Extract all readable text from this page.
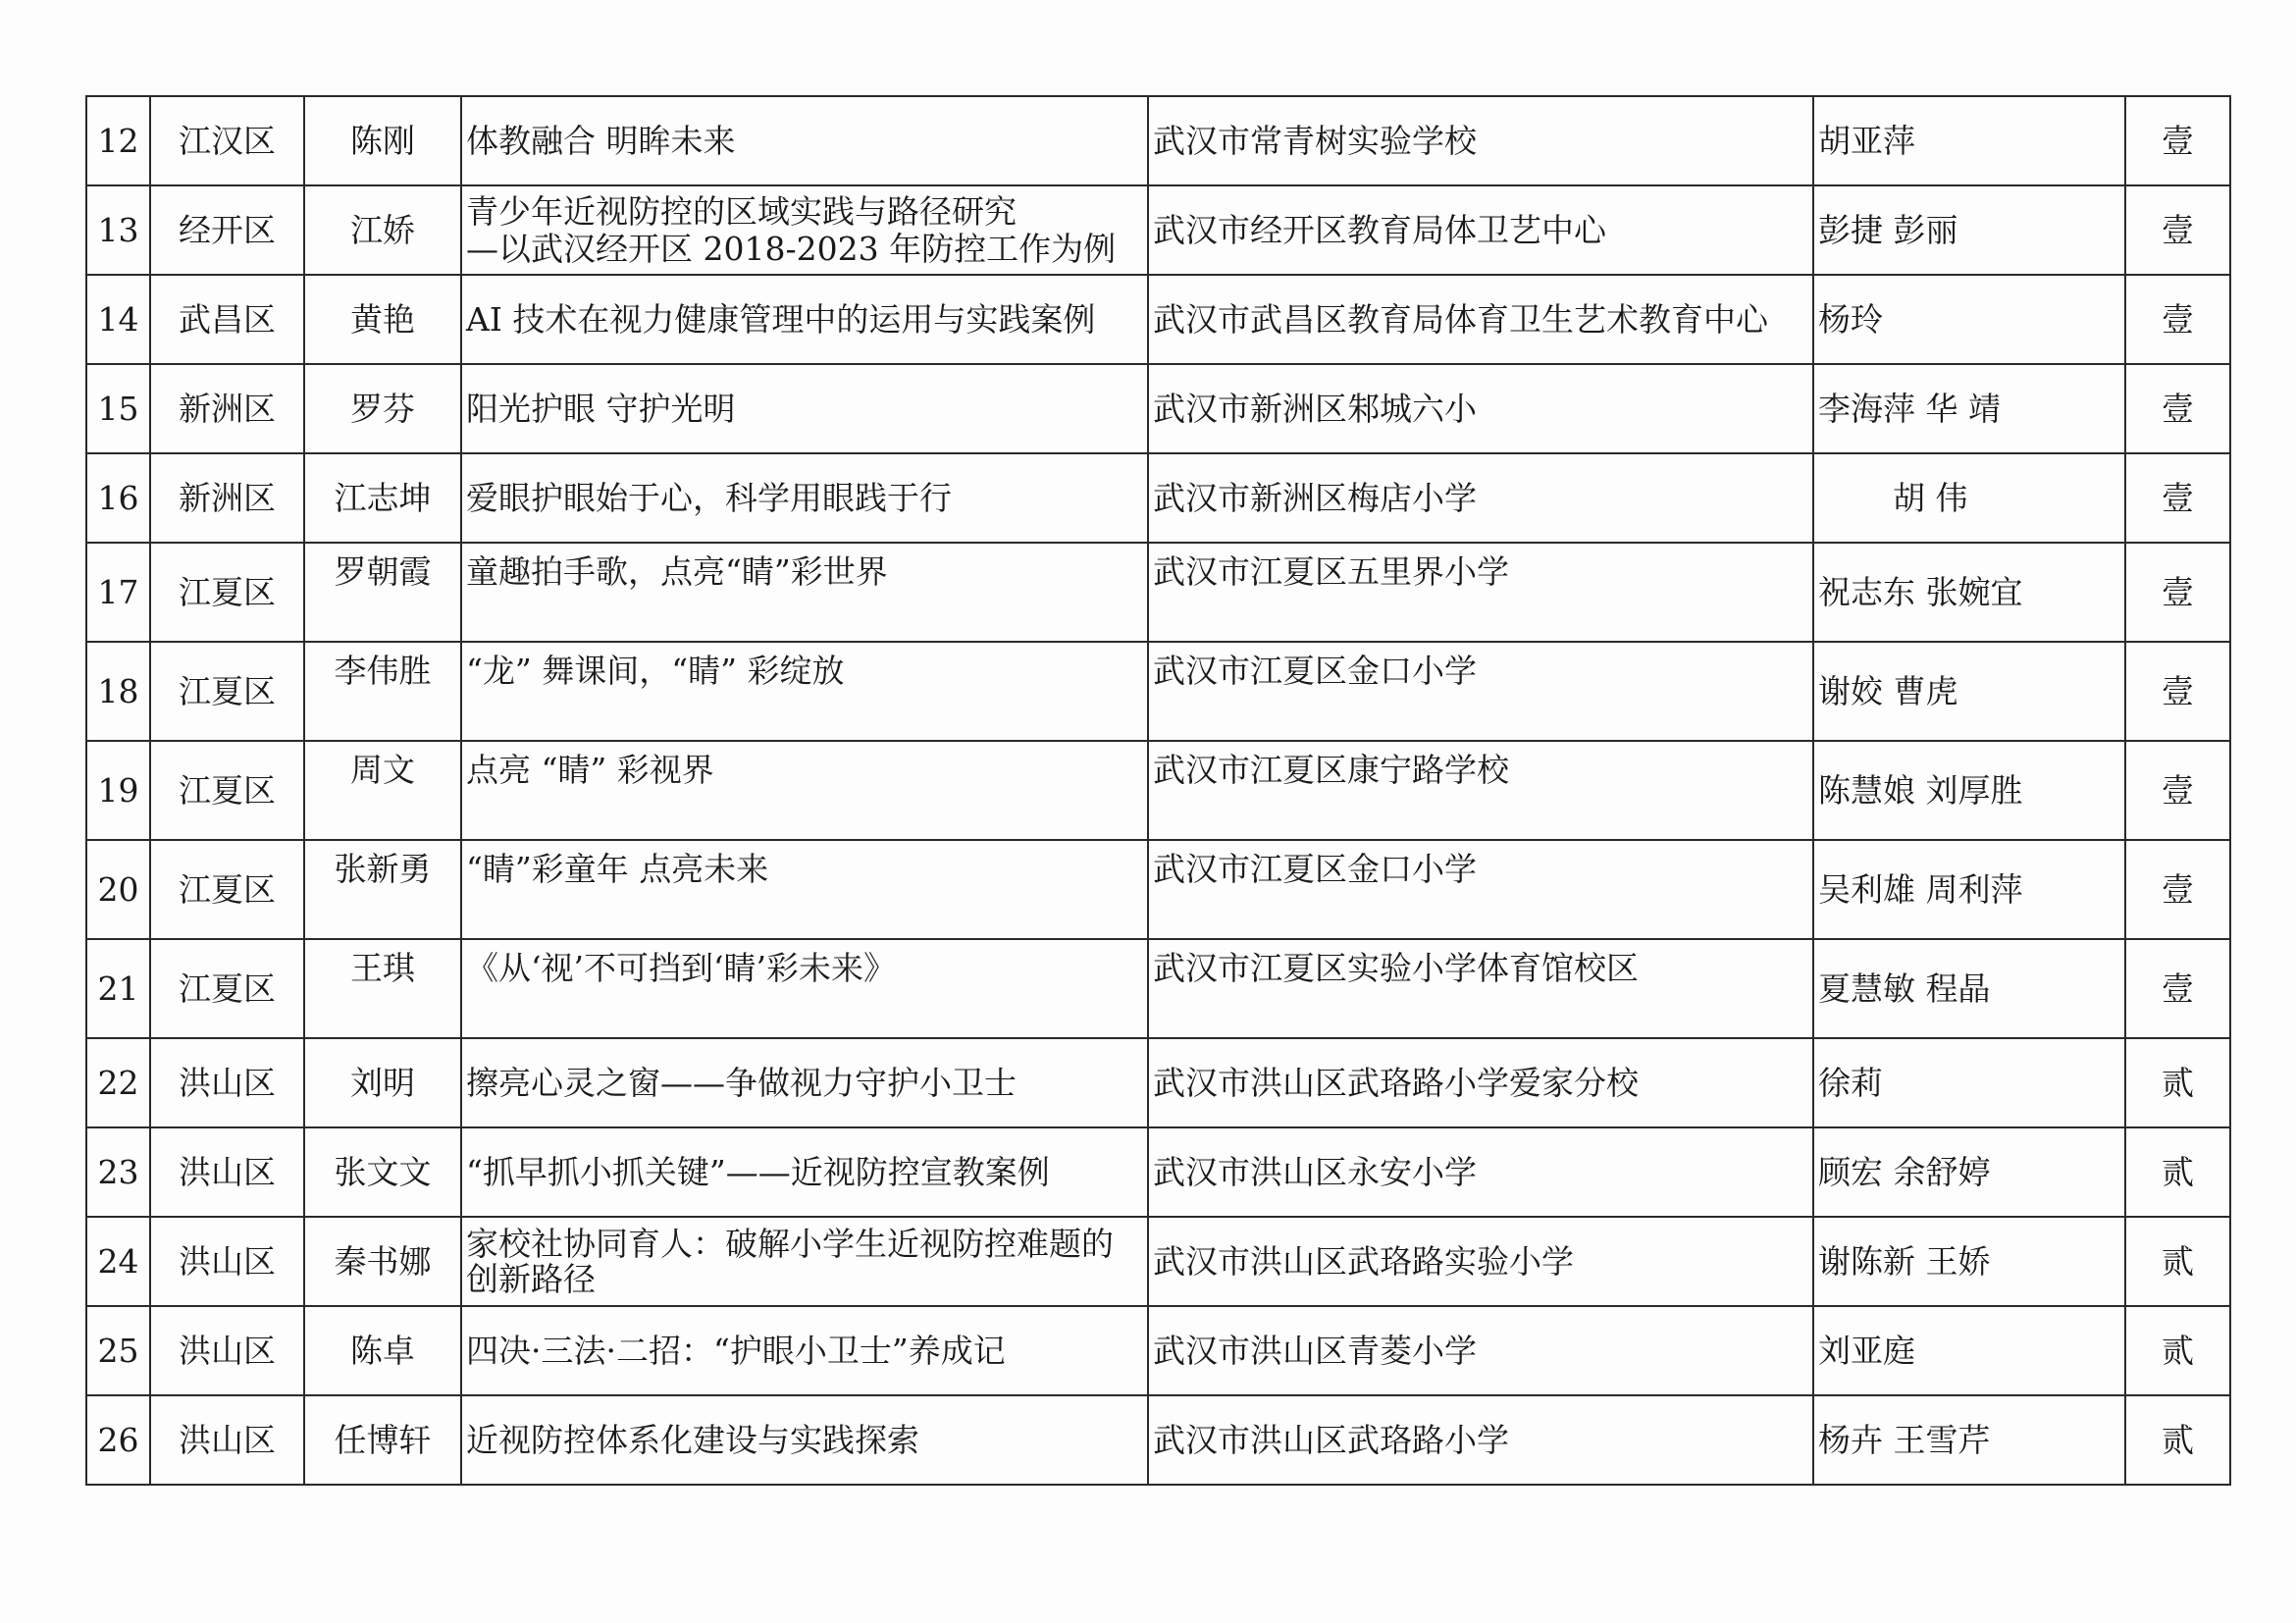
12	江汉区	陈刚	体教融合 明眸未来	武汉市常青树实验学校	胡亚萍	壹
13	经开区	江娇	青少年近视防控的区域实践与路径研究
—以武汉经开区 2018-2023 年防控工作为例	武汉市经开区教育局体卫艺中心	彭捷 彭丽	壹
14	武昌区	黄艳	AI 技术在视力健康管理中的运用与实践案例	武汉市武昌区教育局体育卫生艺术教育中心	杨玲	壹
15	新洲区	罗芬	阳光护眼 守护光明	武汉市新洲区邾城六小	李海萍 华 靖	壹
16	新洲区	江志坤	爱眼护眼始于心，科学用眼践于行	武汉市新洲区梅店小学	胡 伟	壹
17	江夏区	罗朝霞	童趣拍手歌，点亮“睛”彩世界	武汉市江夏区五里界小学	祝志东 张婉宜	壹
18	江夏区	李伟胜	“龙” 舞课间，“睛” 彩绽放	武汉市江夏区金口小学	谢姣 曹虎	壹
19	江夏区	周文	点亮 “睛” 彩视界	武汉市江夏区康宁路学校	陈慧娘 刘厚胜	壹
20	江夏区	张新勇	“睛”彩童年 点亮未来	武汉市江夏区金口小学	吴利雄 周利萍	壹
21	江夏区	王琪	《从‘视’不可挡到‘睛’彩未来》	武汉市江夏区实验小学体育馆校区	夏慧敏 程晶	壹
22	洪山区	刘明	擦亮心灵之窗——争做视力守护小卫士	武汉市洪山区武珞路小学爱家分校	徐莉	贰
23	洪山区	张文文	“抓早抓小抓关键”——近视防控宣教案例	武汉市洪山区永安小学	顾宏 余舒婷	贰
24	洪山区	秦书娜	家校社协同育人：破解小学生近视防控难题的创新路径	武汉市洪山区武珞路实验小学	谢陈新 王娇	贰
25	洪山区	陈卓	四决·三法·二招：“护眼小卫士”养成记	武汉市洪山区青菱小学	刘亚庭	贰
26	洪山区	任博轩	近视防控体系化建设与实践探索	武汉市洪山区武珞路小学	杨卉 王雪芹	贰
